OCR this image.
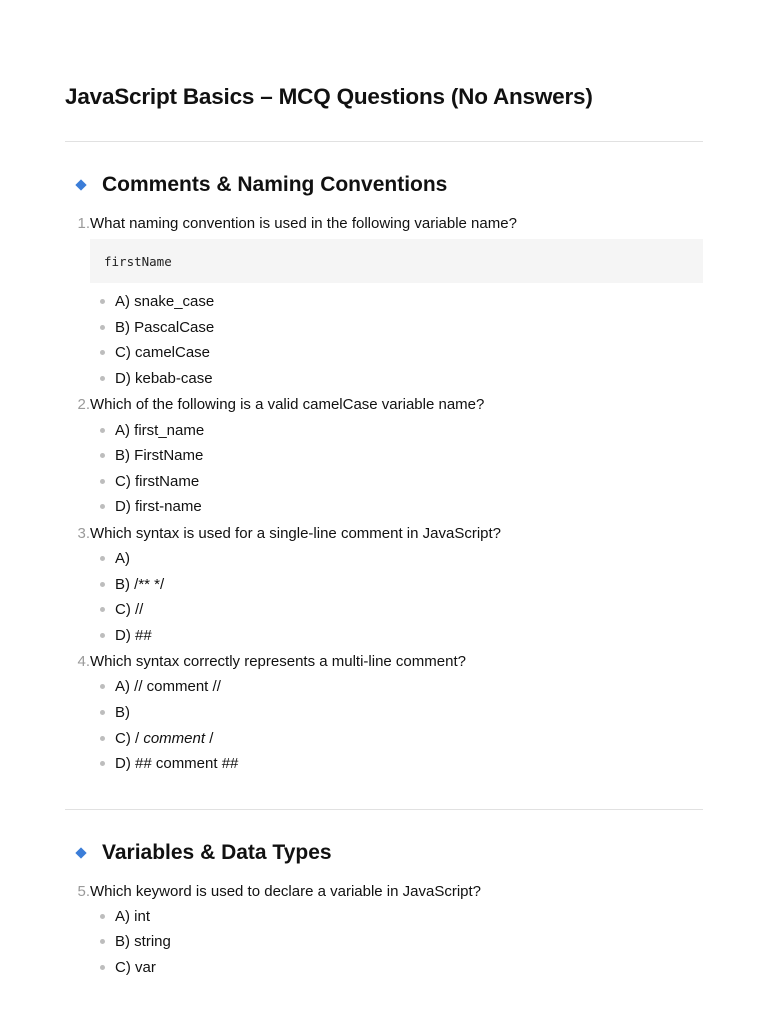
JavaScript Basics – MCQ Questions (No Answers)
Comments & Naming Conventions
1. What naming convention is used in the following variable name?
firstName
A) snake_case
B) PascalCase
C) camelCase
D) kebab-case
2. Which of the following is a valid camelCase variable name?
A) first_name
B) FirstName
C) firstName
D) first-name
3. Which syntax is used for a single-line comment in JavaScript?
A)
B) /** */
C) //
D) ##
4. Which syntax correctly represents a multi-line comment?
A) // comment //
B)
C) / comment /
D) ## comment ##
Variables & Data Types
5. Which keyword is used to declare a variable in JavaScript?
A) int
B) string
C) var
